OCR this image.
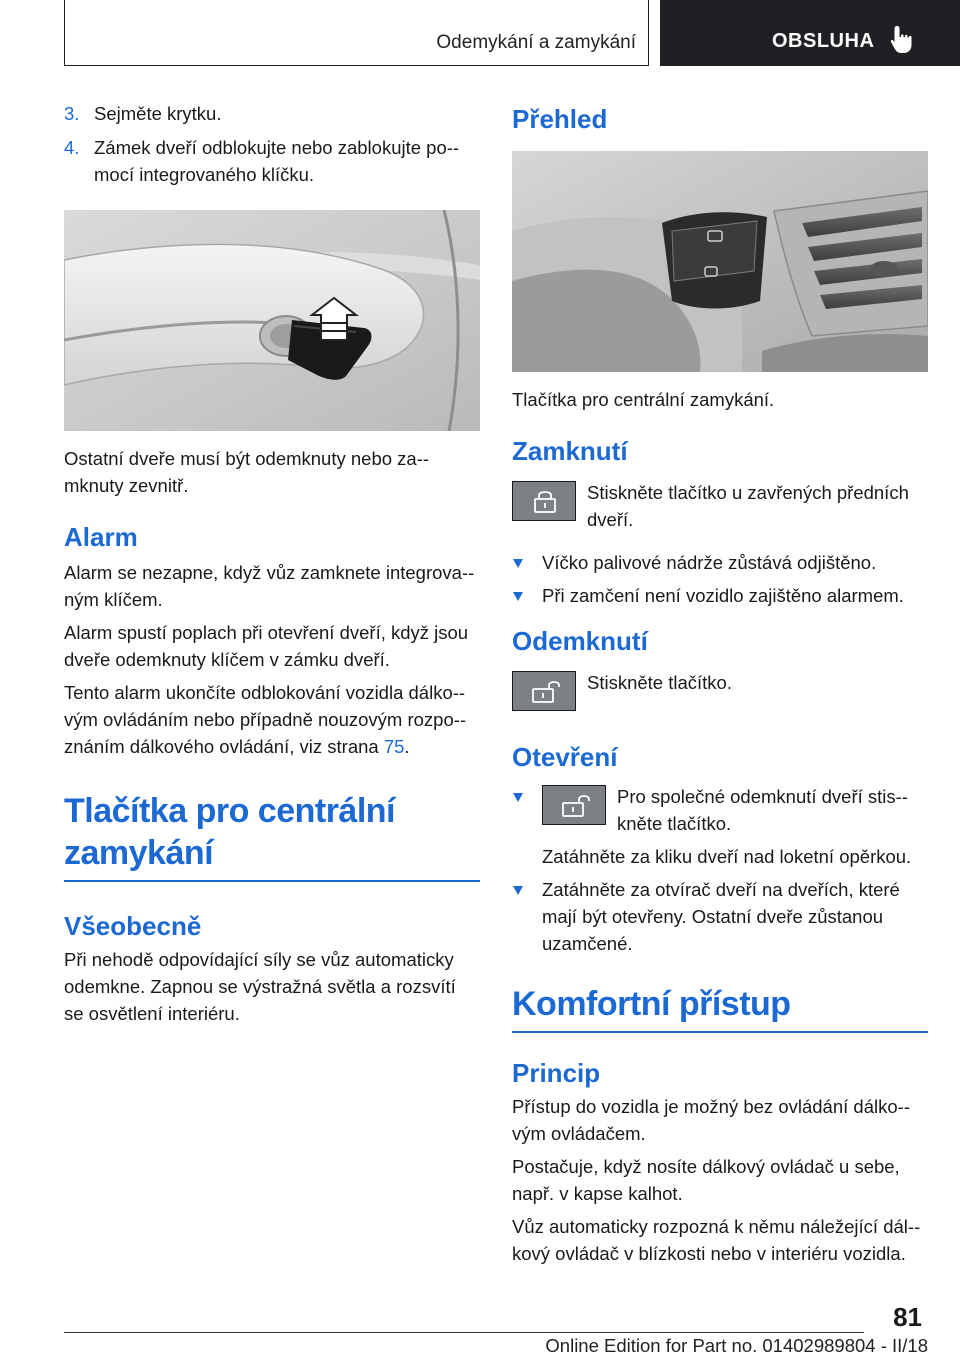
Odemykání a zamykání	OBSLUHA
3. Sejměte krytku.
4. Zámek dveří odblokujte nebo zablokujte po-mocí integrovaného klíčku.

Ostatní dveře musí být odemknuty nebo za-mknuty zevnitř.

Alarm

Alarm se nezapne, když vůz zamknete integrova-ným klíčem.

Alarm spustí poplach při otevření dveří, když jsou dveře odemknuty klíčem v zámku dveří.

Tento alarm ukončíte odblokování vozidla dálko-vým ovládáním nebo případně nouzovým rozpo-znáním dálkového ovládání, viz strana 75.

Tlačítka pro centrální zamykání
Všeobecně

Při nehodě odpovídající síly se vůz automaticky odemkne. Zapnou se výstražná světla a rozsvítí se osvětlení interiéru.

Přehled

Tlačítka pro centrální zamykání.

Zamknutí

Stiskněte tlačítko u zavřených předních dveří.

Víčko palivové nádrže zůstává odjištěno.
Při zamčení není vozidlo zajištěno alarmem.
Odemknutí

Stiskněte tlačítko.

Otevření

Pro společné odemknutí dveří stis-kněte tlačítko.

Zatáhněte za kliku dveří nad loketní opěrkou.

Zatáhněte za otvírač dveří na dveřích, které mají být otevřeny. Ostatní dveře zůstanou uzamčené.
Komfortní přístup
Princip

Přístup do vozidla je možný bez ovládání dálko-vým ovládačem.

Postačuje, když nosíte dálkový ovládač u sebe, např. v kapse kalhot.

Vůz automaticky rozpozná k němu náležející dál-kový ovládač v blízkosti nebo v interiéru vozidla.

81
Online Edition for Part no. 01402989804 - II/18
